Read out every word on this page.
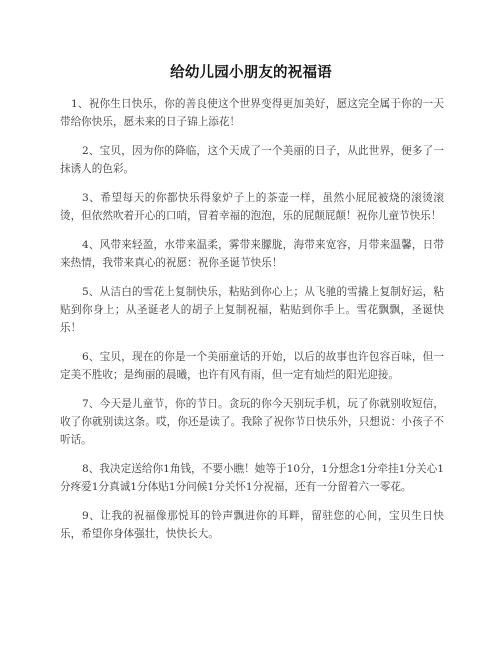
给幼儿园小朋友的祝福语

1、祝你生日快乐，你的善良使这个世界变得更加美好，愿这完全属于你的一天带给你快乐，愿未来的日子锦上添花！

2、宝贝，因为你的降临，这个天成了一个美丽的日子，从此世界，便多了一抹诱人的色彩。

3、希望每天的你都快乐得象炉子上的茶壶一样，虽然小屁屁被烧的滚烫滚烫，但依然吹着开心的口哨，冒着幸福的泡泡，乐的屁颠屁颠！祝你儿童节快乐！

4、风带来轻盈，水带来温柔，雾带来朦胧，海带来宽容，月带来温馨，日带来热情，我带来真心的祝愿：祝你圣诞节快乐！

5、从洁白的雪花上复制快乐，粘贴到你心上；从飞驰的雪撬上复制好运，粘贴到你身上；从圣诞老人的胡子上复制祝福，粘贴到你手上。雪花飘飘，圣诞快乐！

6、宝贝，现在的你是一个美丽童话的开始，以后的故事也许包容百味，但一定美不胜收；是绚丽的晨曦，也许有风有雨，但一定有灿烂的阳光迎接。

7、今天是儿童节，你的节日。贪玩的你今天别玩手机，玩了你就别收短信，收了你就别读这条。哎，你还是读了。我除了祝你节日快乐外，只想说：小孩子不听话。

8、我决定送给你1角钱，不要小瞧！她等于10分，1分想念1分牵挂1分关心1分疼爱1分真诚1分体贴1分问候1分关怀1分祝福，还有一分留着六一零花。

9、让我的祝福像那悦耳的铃声飘进你的耳畔，留驻您的心间，宝贝生日快乐，希望你身体强壮，快快长大。
